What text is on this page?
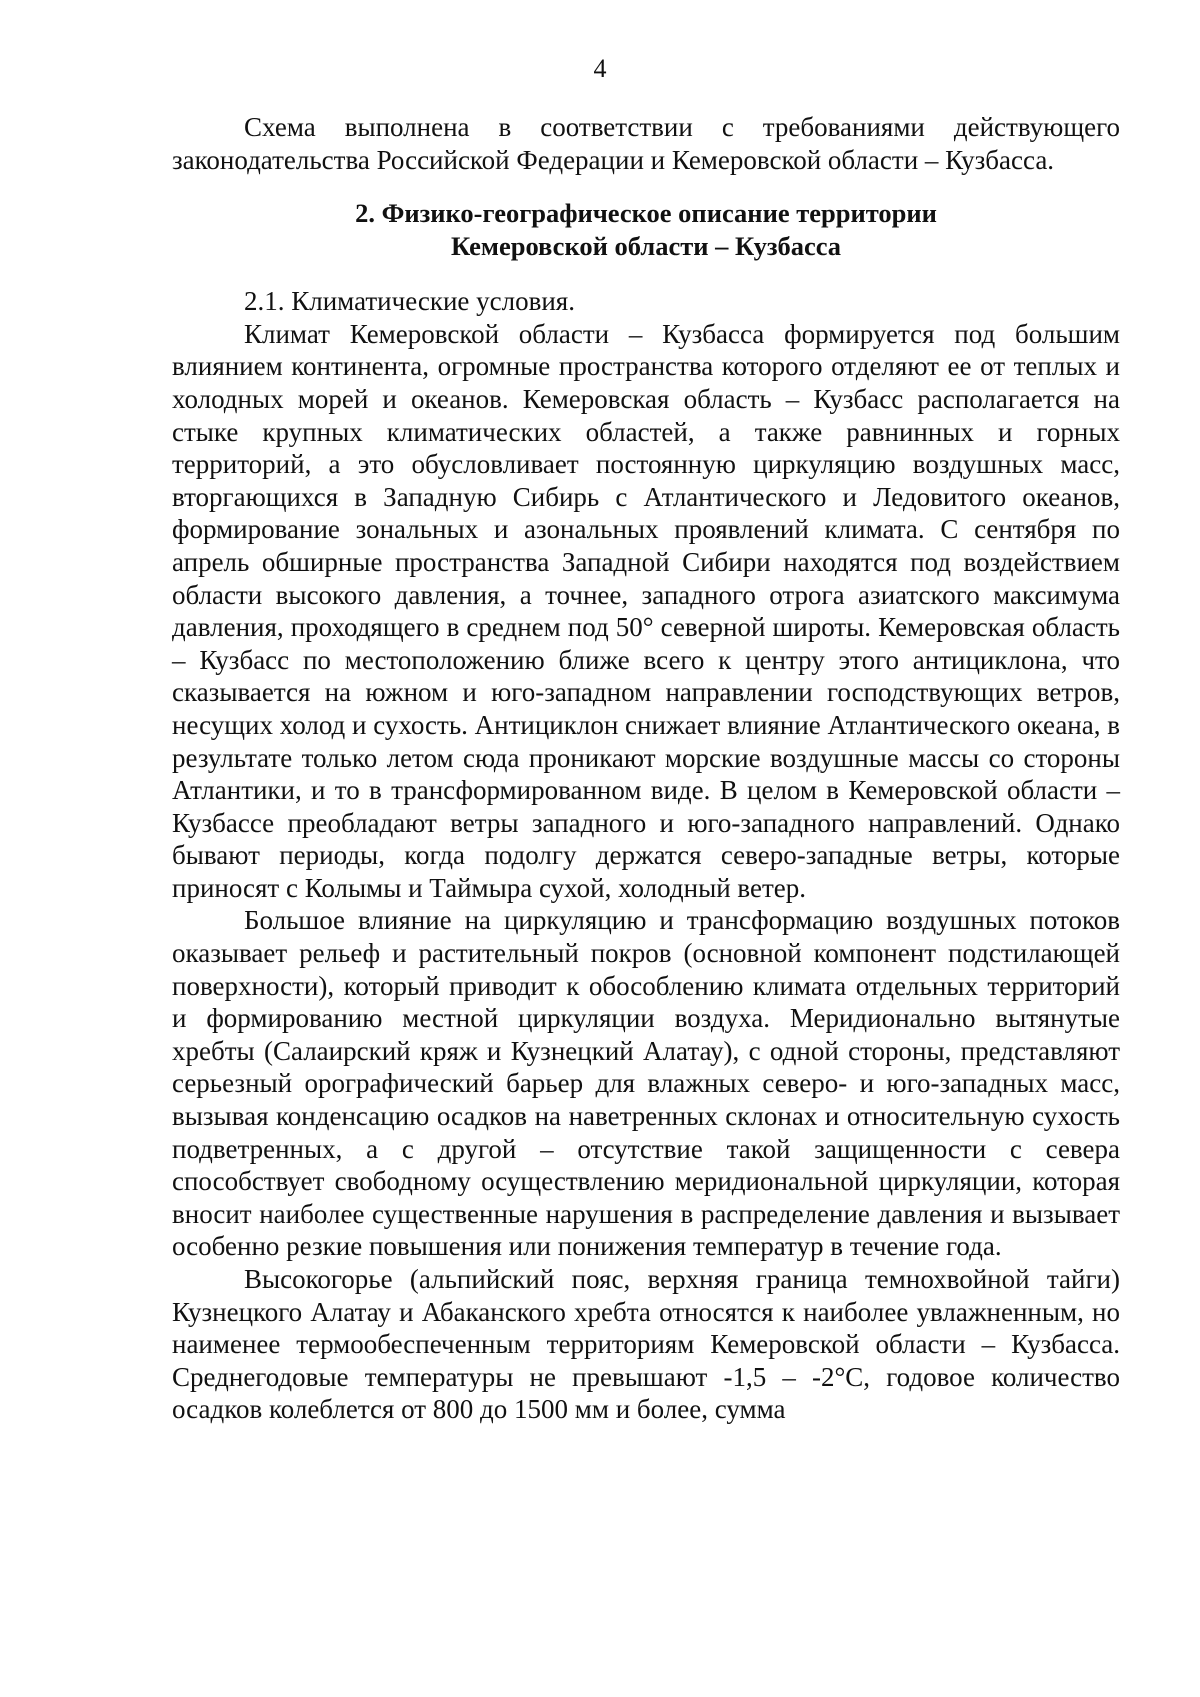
4

Схема выполнена в соответствии с требованиями действующего законодательства Российской Федерации и Кемеровской области – Кузбасса.

2. Физико-географическое описание территории
Кемеровской области – Кузбасса
2.1. Климатические условия.

Климат Кемеровской области – Кузбасса формируется под большим влиянием континента, огромные пространства которого отделяют ее от теплых и холодных морей и океанов. Кемеровская область – Кузбасс располагается на стыке крупных климатических областей, а также равнинных и горных территорий, а это обусловливает постоянную циркуляцию воздушных масс, вторгающихся в Западную Сибирь с Атлантического и Ледовитого океанов, формирование зональных и азональных проявлений климата. С сентября по апрель обширные пространства Западной Сибири находятся под воздействием области высокого давления, а точнее, западного отрога азиатского максимума давления, проходящего в среднем под 50° северной широты. Кемеровская область – Кузбасс по местоположению ближе всего к центру этого антициклона, что сказывается на южном и юго-западном направлении господствующих ветров, несущих холод и сухость. Антициклон снижает влияние Атлантического океана, в результате только летом сюда проникают морские воздушные массы со стороны Атлантики, и то в трансформированном виде. В целом в Кемеровской области – Кузбассе преобладают ветры западного и юго-западного направлений. Однако бывают периоды, когда подолгу держатся северо-западные ветры, которые приносят с Колымы и Таймыра сухой, холодный ветер.

Большое влияние на циркуляцию и трансформацию воздушных потоков оказывает рельеф и растительный покров (основной компонент подстилающей поверхности), который приводит к обособлению климата отдельных территорий и формированию местной циркуляции воздуха. Меридионально вытянутые хребты (Салаирский кряж и Кузнецкий Алатау), с одной стороны, представляют серьезный орографический барьер для влажных северо- и юго-западных масс, вызывая конденсацию осадков на наветренных склонах и относительную сухость подветренных, а с другой – отсутствие такой защищенности с севера способствует свободному осуществлению меридиональной циркуляции, которая вносит наиболее существенные нарушения в распределение давления и вызывает особенно резкие повышения или понижения температур в течение года.

Высокогорье (альпийский пояс, верхняя граница темнохвойной тайги) Кузнецкого Алатау и Абаканского хребта относятся к наиболее увлажненным, но наименее термообеспеченным территориям Кемеровской области – Кузбасса. Среднегодовые температуры не превышают -1,5 – -2°С, годовое количество осадков колеблется от 800 до 1500 мм и более, сумма
